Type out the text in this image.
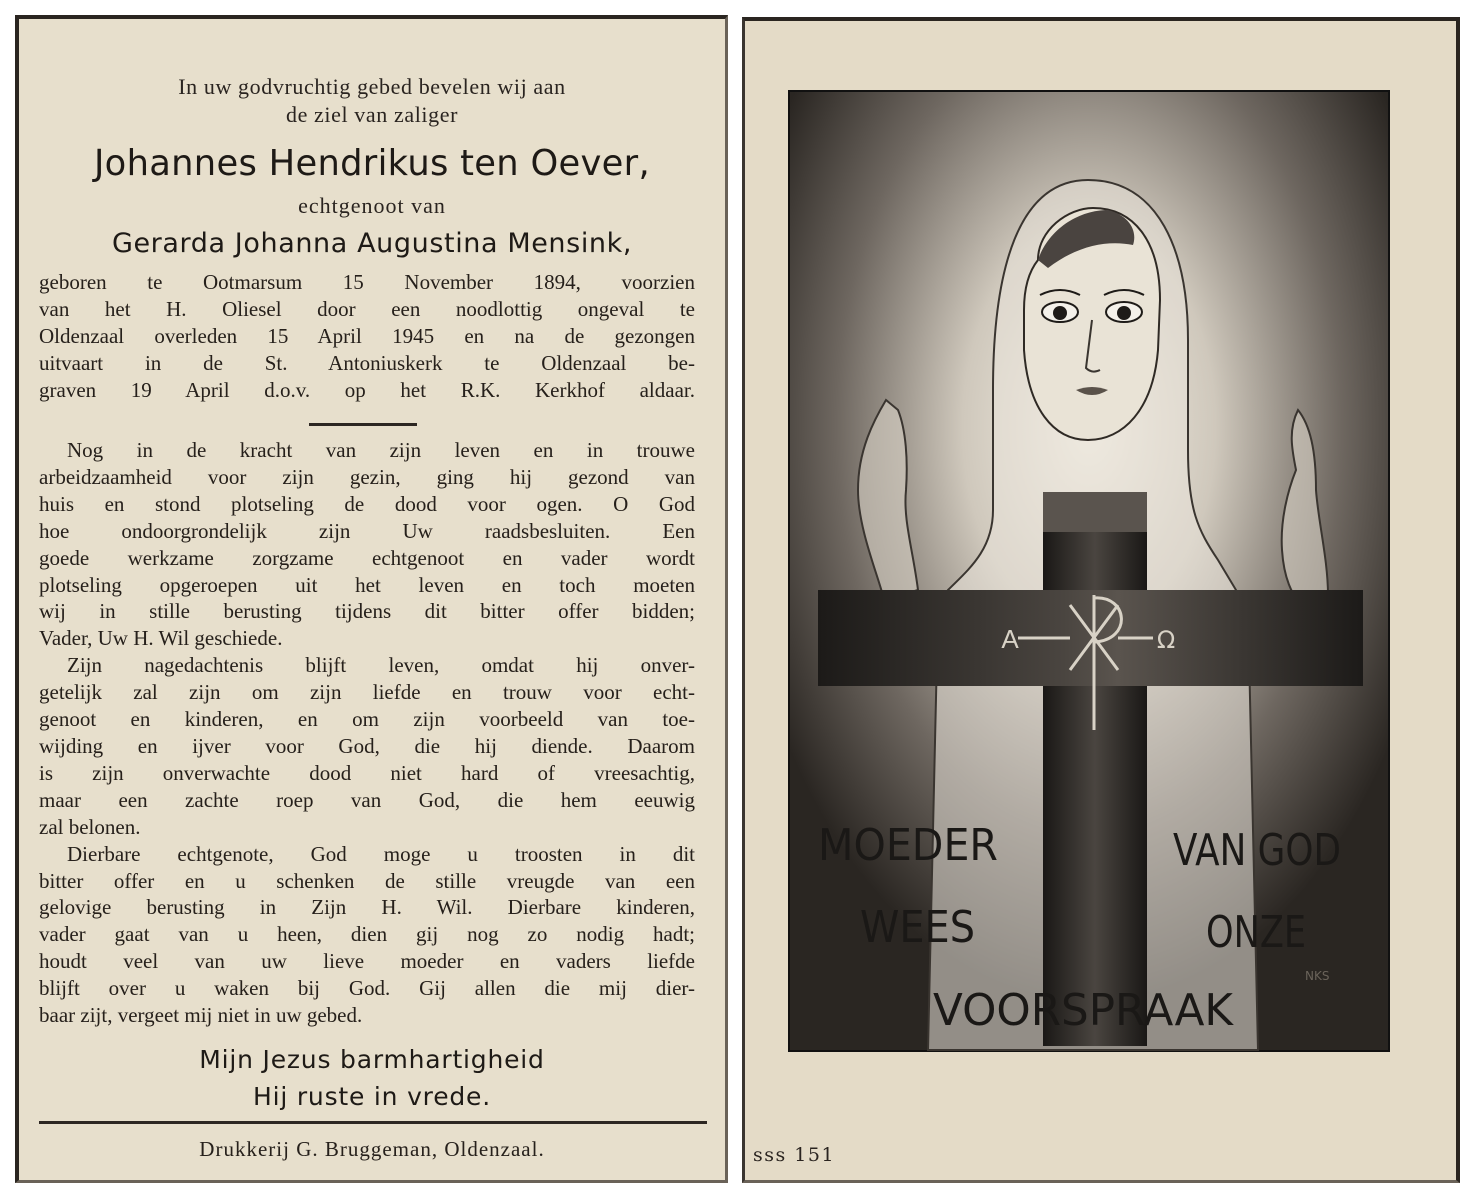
In uw godvruchtig gebed bevelen wij aan
de ziel van zaliger
Johannes Hendrikus ten Oever,
echtgenoot van
Gerarda Johanna Augustina Mensink,
geboren te Ootmarsum 15 November 1894, voorzien
van het H. Oliesel door een noodlottig ongeval te
Oldenzaal overleden 15 April 1945 en na de gezongen
uitvaart in de St. Antoniuskerk te Oldenzaal be-
graven 19 April d.o.v. op het R.K. Kerkhof aldaar.
Nog in de kracht van zijn leven en in trouwe
arbeidzaamheid voor zijn gezin, ging hij gezond van
huis en stond plotseling de dood voor ogen. O God
hoe ondoorgrondelijk zijn Uw raadsbesluiten. Een
goede werkzame zorgzame echtgenoot en vader wordt
plotseling opgeroepen uit het leven en toch moeten
wij in stille berusting tijdens dit bitter offer bidden;
Vader, Uw H. Wil geschiede.
Zijn nagedachtenis blijft leven, omdat hij onver-
getelijk zal zijn om zijn liefde en trouw voor echt-
genoot en kinderen, en om zijn voorbeeld van toe-
wijding en ijver voor God, die hij diende. Daarom
is zijn onverwachte dood niet hard of vreesachtig,
maar een zachte roep van God, die hem eeuwig
zal belonen.
Dierbare echtgenote, God moge u troosten in dit
bitter offer en u schenken de stille vreugde van een
gelovige berusting in Zijn H. Wil. Dierbare kinderen,
vader gaat van u heen, dien gij nog zo nodig hadt;
houdt veel van uw lieve moeder en vaders liefde
blijft over u waken bij God. Gij allen die mij dier-
baar zijt, vergeet mij niet in uw gebed.
Mijn Jezus barmhartigheid
Hij ruste in vrede.
Drukkerij G. Bruggeman, Oldenzaal.
A	Ω
MOEDER	VAN GOD
WEES	ONZE
VOORSPRAAK
NKS
sss 151
